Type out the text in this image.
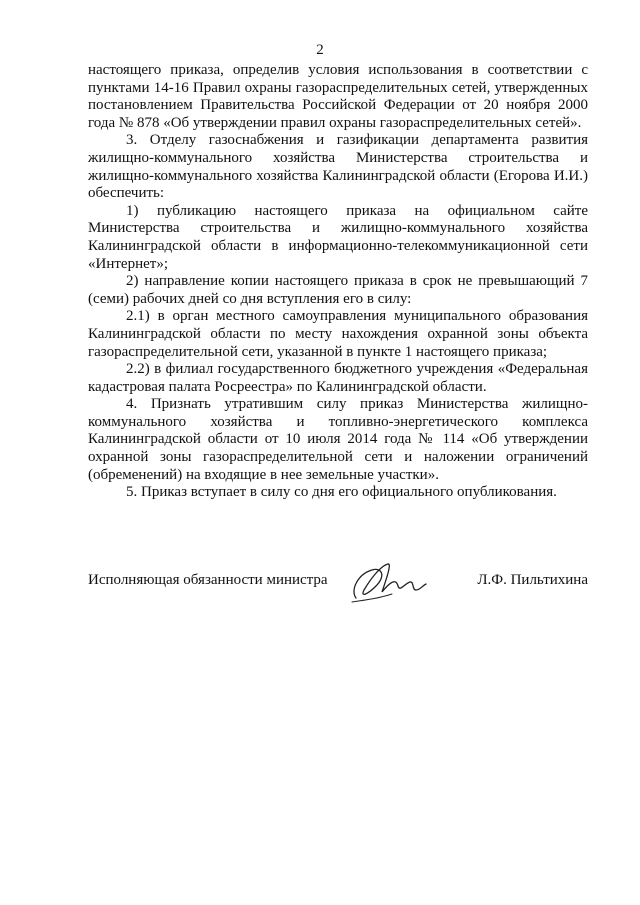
2

настоящего приказа, определив условия использования в соответствии с пунктами 14-16 Правил охраны газораспределительных сетей, утвержденных постановлением Правительства Российской Федерации от 20 ноября 2000 года № 878 «Об утверждении правил охраны газораспределительных сетей».

3. Отделу газоснабжения и газификации департамента развития жилищно-коммунального хозяйства Министерства строительства и жилищно-коммунального хозяйства Калининградской области (Егорова И.И.) обеспечить:

1) публикацию настоящего приказа на официальном сайте Министерства строительства и жилищно-коммунального хозяйства Калининградской области в информационно-телекоммуникационной сети «Интернет»;

2) направление копии настоящего приказа в срок не превышающий 7 (семи) рабочих дней со дня вступления его в силу:

2.1) в орган местного самоуправления муниципального образования Калининградской области по месту нахождения охранной зоны объекта газораспределительной сети, указанной в пункте 1 настоящего приказа;

2.2) в филиал государственного бюджетного учреждения «Федеральная кадастровая палата Росреестра» по Калининградской области.

4. Признать утратившим силу приказ Министерства жилищно-коммунального хозяйства и топливно-энергетического комплекса Калининградской области от 10 июля 2014 года № 114 «Об утверждении охранной зоны газораспределительной сети и наложении ограничений (обременений) на входящие в нее земельные участки».

5. Приказ вступает в силу со дня его официального опубликования.

Исполняющая обязанности министра	Л.Ф. Пильтихина
